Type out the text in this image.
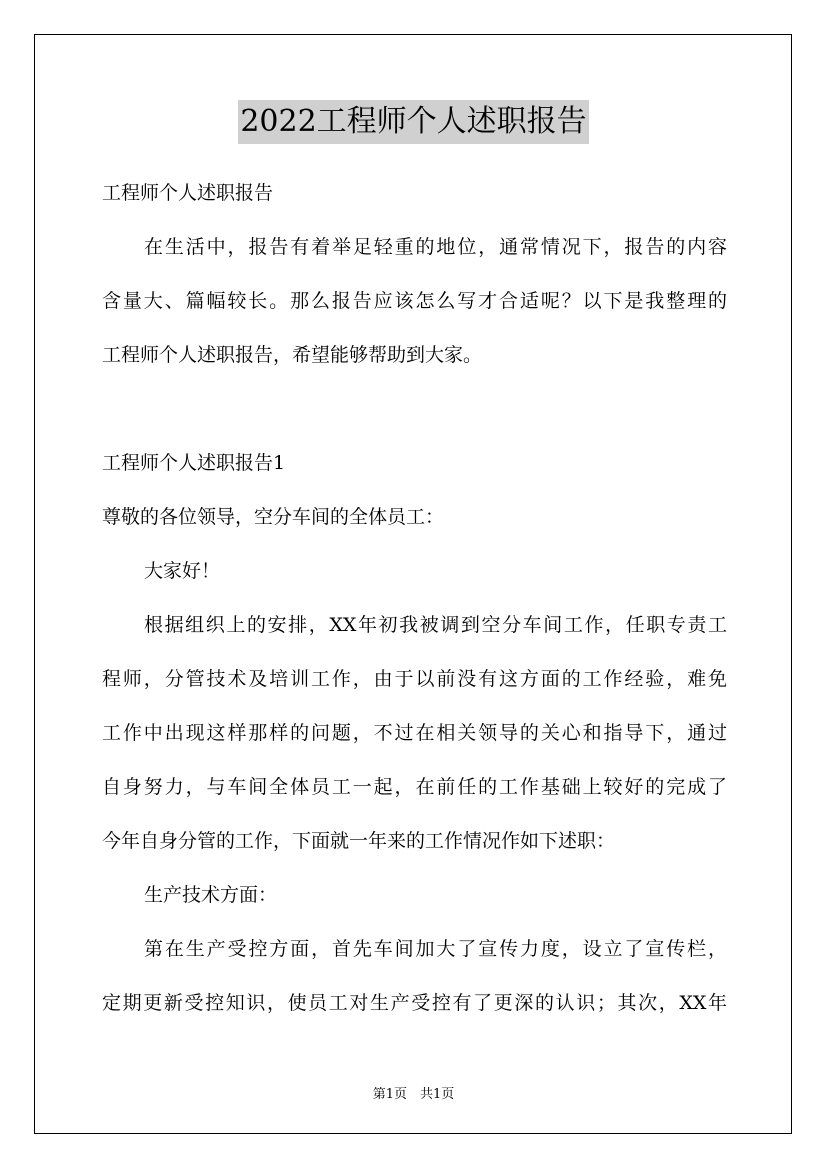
2022工程师个人述职报告
工程师个人述职报告
在生活中，报告有着举足轻重的地位，通常情况下，报告的内容
含量大、篇幅较长。那么报告应该怎么写才合适呢？以下是我整理的
工程师个人述职报告，希望能够帮助到大家。
工程师个人述职报告1
尊敬的各位领导，空分车间的全体员工：
大家好！
根据组织上的安排，XX年初我被调到空分车间工作，任职专责工
程师，分管技术及培训工作，由于以前没有这方面的工作经验，难免
工作中出现这样那样的问题，不过在相关领导的关心和指导下，通过
自身努力，与车间全体员工一起，在前任的工作基础上较好的完成了
今年自身分管的工作，下面就一年来的工作情况作如下述职：
生产技术方面：
第在生产受控方面，首先车间加大了宣传力度，设立了宣传栏，
定期更新受控知识，使员工对生产受控有了更深的认识；其次，XX年
第1页　共1页
